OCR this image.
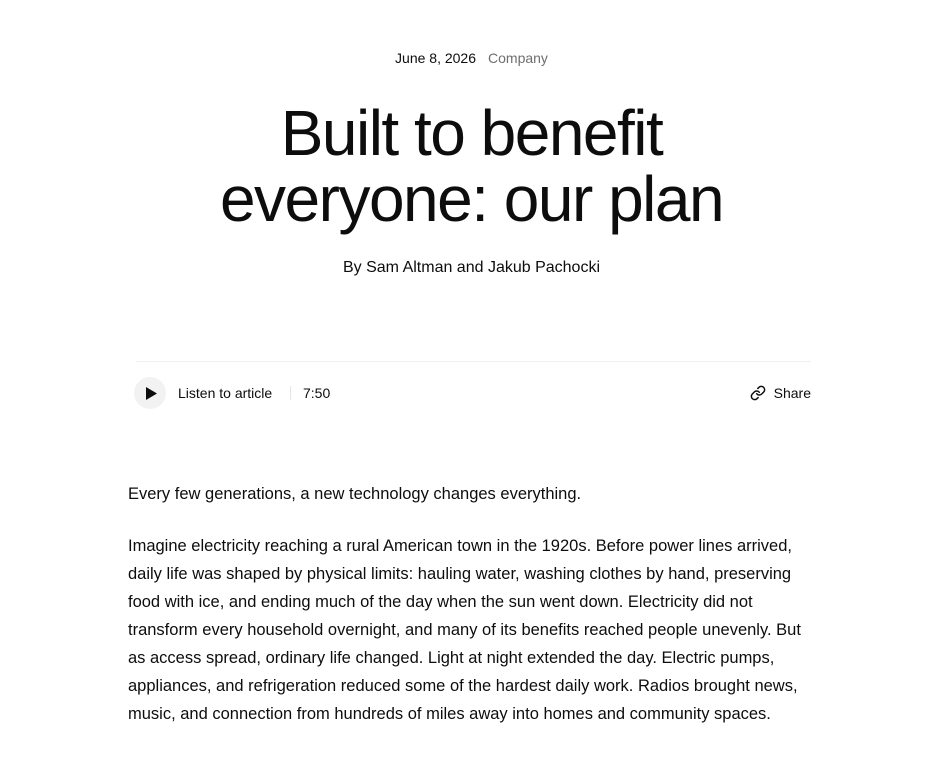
June 8, 2026 Company
Built to benefit
everyone: our plan
By Sam Altman and Jakub Pachocki
Listen to article 7:50	Share

Every few generations, a new technology changes everything.

Imagine electricity reaching a rural American town in the 1920s. Before power lines arrived, daily life was shaped by physical limits: hauling water, washing clothes by hand, preserving food with ice, and ending much of the day when the sun went down. Electricity did not transform every household overnight, and many of its benefits reached people unevenly. But as access spread, ordinary life changed. Light at night extended the day. Electric pumps, appliances, and refrigeration reduced some of the hardest daily work. Radios brought news, music, and connection from hundreds of miles away into homes and community spaces.
